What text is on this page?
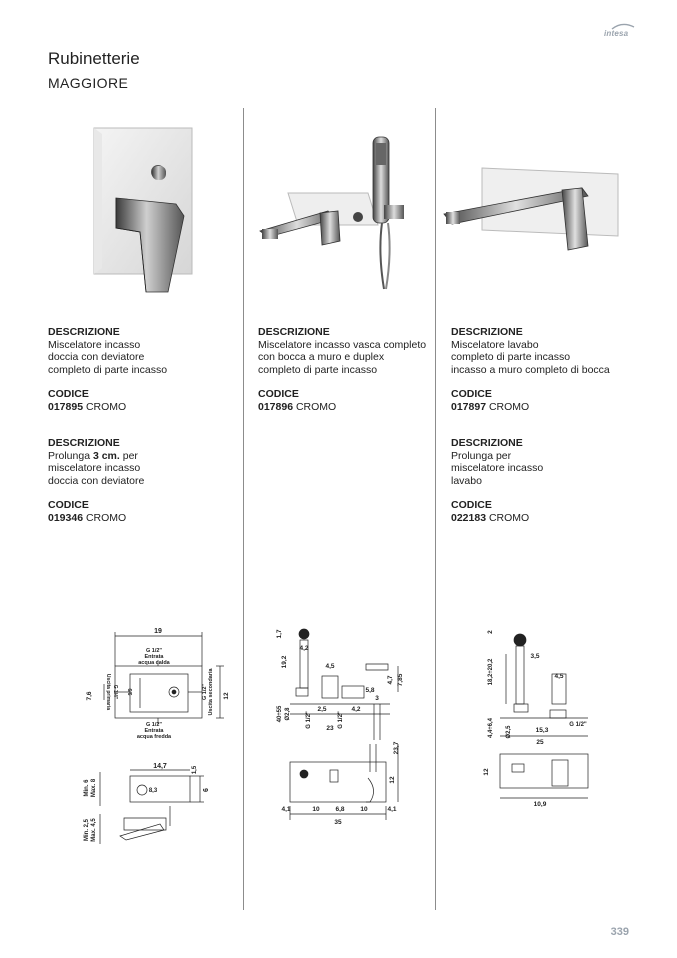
intesa
Rubinetterie
MAGGIORE
DESCRIZIONE

Miscelatore incasso

doccia con deviatore

completo di parte incasso

CODICE

017895 CROMO

DESCRIZIONE

Prolunga 3 cm. per

miscelatore incasso

doccia con deviatore

CODICE

019346 CROMO

DESCRIZIONE

Miscelatore incasso vasca completo

con bocca a muro e duplex

completo di parte incasso

CODICE

017896 CROMO

DESCRIZIONE

Miscelatore lavabo

completo di parte incasso

incasso a muro completo di bocca

CODICE

017897 CROMO

DESCRIZIONE

Prolunga per

miscelatore incasso

lavabo

CODICE

022183 CROMO

19
G 1/2"
Entrata
acqua calda
G 1/2"
Entrata
acqua fredda
7,6	12
6/6
Uscita primaria G 3/4"	G 1/2" Uscita secondaria
14,7	1,5
6
8,3
Min. 6 Max. 8
Min. 2,5 Max. 4,5
1,7
4,2
19,2	4,5
4,7 7,85
5,8
40÷55 Ø2,8	G 1/2"
2,5
G 1/2"
4,2
23
3
23,7
12
4,1	10 6,8 10	4,1
35
2
18,2÷20,2
3,5
4,5
4,4÷6,4 Ø2,5	15,3
G 1/2"
25
12
10,9
339
